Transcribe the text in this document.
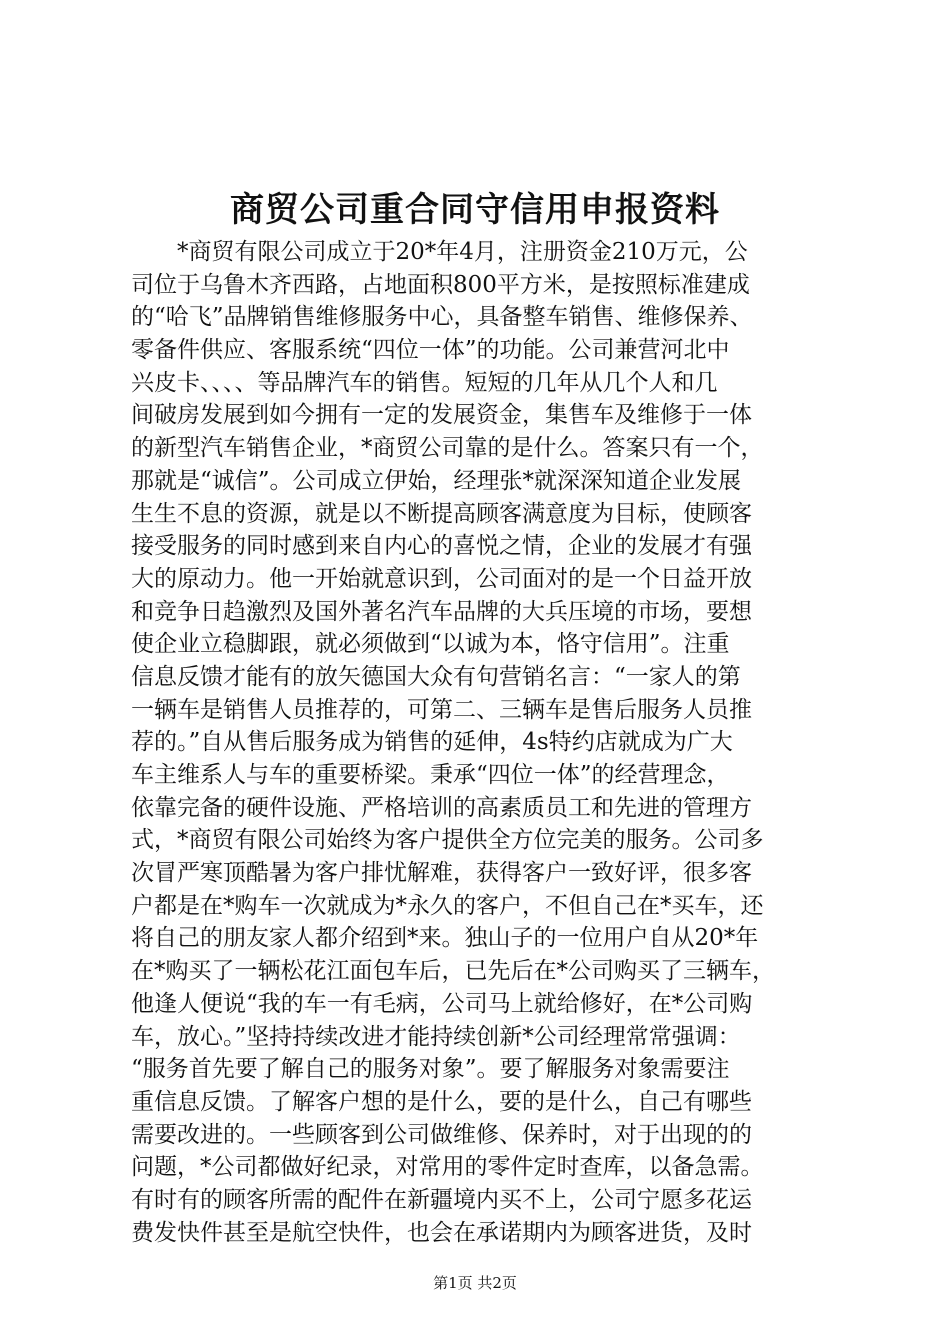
商贸公司重合同守信用申报资料
*商贸有限公司成立于20*年4月，注册资金210万元，公
司位于乌鲁木齐西路，占地面积800平方米，是按照标准建成
的“哈飞”品牌销售维修服务中心，具备整车销售、维修保养、
零备件供应、客服系统“四位一体”的功能。公司兼营河北中
兴皮卡、、、、等品牌汽车的销售。短短的几年从几个人和几
间破房发展到如今拥有一定的发展资金，集售车及维修于一体
的新型汽车销售企业，*商贸公司靠的是什么。答案只有一个，
那就是“诚信”。公司成立伊始，经理张*就深深知道企业发展
生生不息的资源，就是以不断提高顾客满意度为目标，使顾客
接受服务的同时感到来自内心的喜悦之情，企业的发展才有强
大的原动力。他一开始就意识到，公司面对的是一个日益开放
和竞争日趋激烈及国外著名汽车品牌的大兵压境的市场，要想
使企业立稳脚跟，就必须做到“以诚为本，恪守信用”。注重
信息反馈才能有的放矢德国大众有句营销名言：“一家人的第
一辆车是销售人员推荐的，可第二、三辆车是售后服务人员推
荐的。”自从售后服务成为销售的延伸，4s特约店就成为广大
车主维系人与车的重要桥梁。秉承“四位一体”的经营理念，
依靠完备的硬件设施、严格培训的高素质员工和先进的管理方
式，*商贸有限公司始终为客户提供全方位完美的服务。公司多
次冒严寒顶酷暑为客户排忧解难，获得客户一致好评，很多客
户都是在*购车一次就成为*永久的客户，不但自己在*买车，还
将自己的朋友家人都介绍到*来。独山子的一位用户自从20*年
在*购买了一辆松花江面包车后，已先后在*公司购买了三辆车，
他逢人便说“我的车一有毛病，公司马上就给修好，在*公司购
车，放心。”坚持持续改进才能持续创新*公司经理常常强调：
“服务首先要了解自己的服务对象”。要了解服务对象需要注
重信息反馈。了解客户想的是什么，要的是什么，自己有哪些
需要改进的。一些顾客到公司做维修、保养时，对于出现的的
问题，*公司都做好纪录，对常用的零件定时查库，以备急需。
有时有的顾客所需的配件在新疆境内买不上，公司宁愿多花运
费发快件甚至是航空快件，也会在承诺期内为顾客进货，及时
第1页 共2页
